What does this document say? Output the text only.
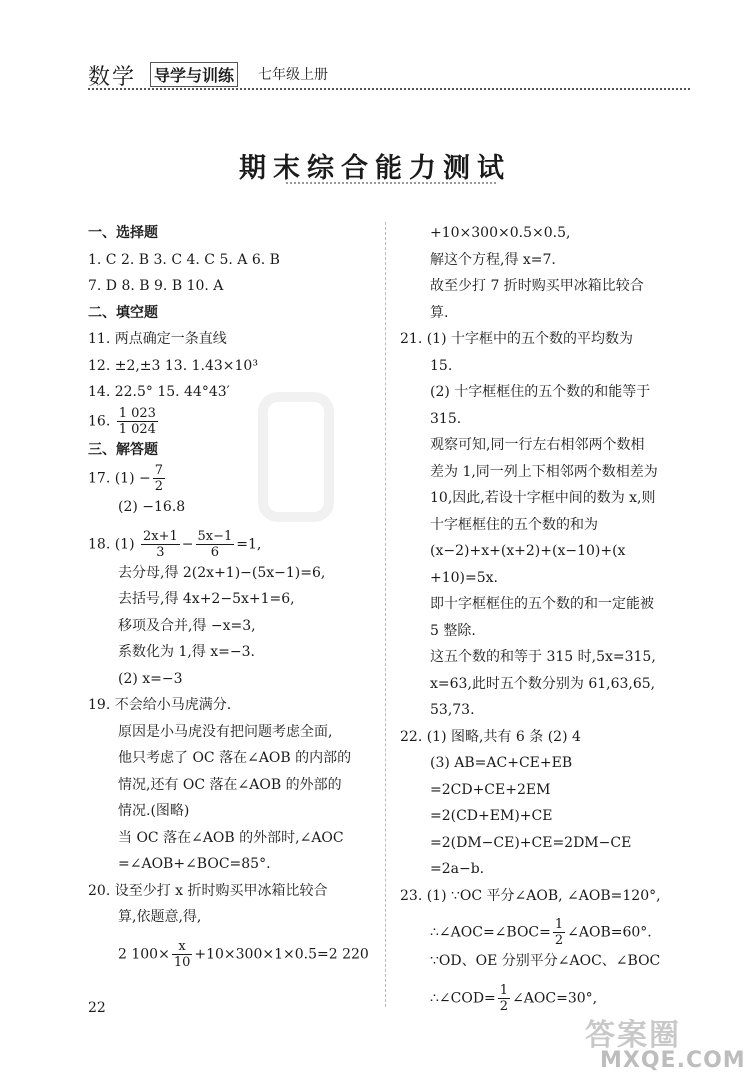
数学 导学与训练 七年级上册
期末综合能力测试
一、选择题
1. C 2. B 3. C 4. C 5. A 6. B
7. D 8. B 9. B 10. A
二、填空题
11. 两点确定一条直线
12. ±2,±3 13. 1.43×10³
14. 22.5° 15. 44°43′
16. $\frac{1 023}{1 024}$
三、解答题
17. $(1) - \frac{7}{2}$
(2) −16.8
18. $(1) \frac{2x+1}{3} - \frac{5x-1}{6} =1$,
去分母,得 2(2x+1)−(5x−1)=6,
去括号,得 4x+2−5x+1=6,
移项及合并,得 −x=3,
系数化为 1,得 x=−3.
(2) x=−3
19. 不会给小马虎满分.
原因是小马虎没有把问题考虑全面,
他只考虑了 OC 落在∠AOB 的内部的
情况,还有 OC 落在∠AOB 的外部的
情况.(图略)
当 OC 落在∠AOB 的外部时,∠AOC
=∠AOB+∠BOC=85°.
20. 设至少打 x 折时购买甲冰箱比较合
算,依题意,得,
2 $100\times \frac{x}{10} +10\times 300\times 1\times 0.5=2$ 220
+10×300×0.5×0.5,
解这个方程,得 x=7.
故至少打 7 折时购买甲冰箱比较合
算.
21. (1) 十字框中的五个数的平均数为
15.
(2) 十字框框住的五个数的和能等于
315.
观察可知,同一行左右相邻两个数相
差为 1,同一列上下相邻两个数相差为
10,因此,若设十字框中间的数为 x,则
十字框框住的五个数的和为
(x−2)+x+(x+2)+(x−10)+(x
+10)=5x.
即十字框框住的五个数的和一定能被
5 整除.
这五个数的和等于 315 时,5x=315,
x=63,此时五个数分别为 61,63,65,
53,73.
22. (1) 图略,共有 6 条 (2) 4
(3) AB=AC+CE+EB
=2CD+CE+2EM
=2(CD+EM)+CE
=2(DM−CE)+CE=2DM−CE
=2a−b.
23. (1) ∵OC 平分∠AOB, ∠AOB=120°,
∴∠AOC=∠BOC= $\frac{1}{2}$ ∠AOB=60°.
∵OD、OE 分别平分∠AOC、∠BOC
∴∠COD= $\frac{1}{2}$ ∠AOC=30°,
22
答案圈
MXQE.COM
